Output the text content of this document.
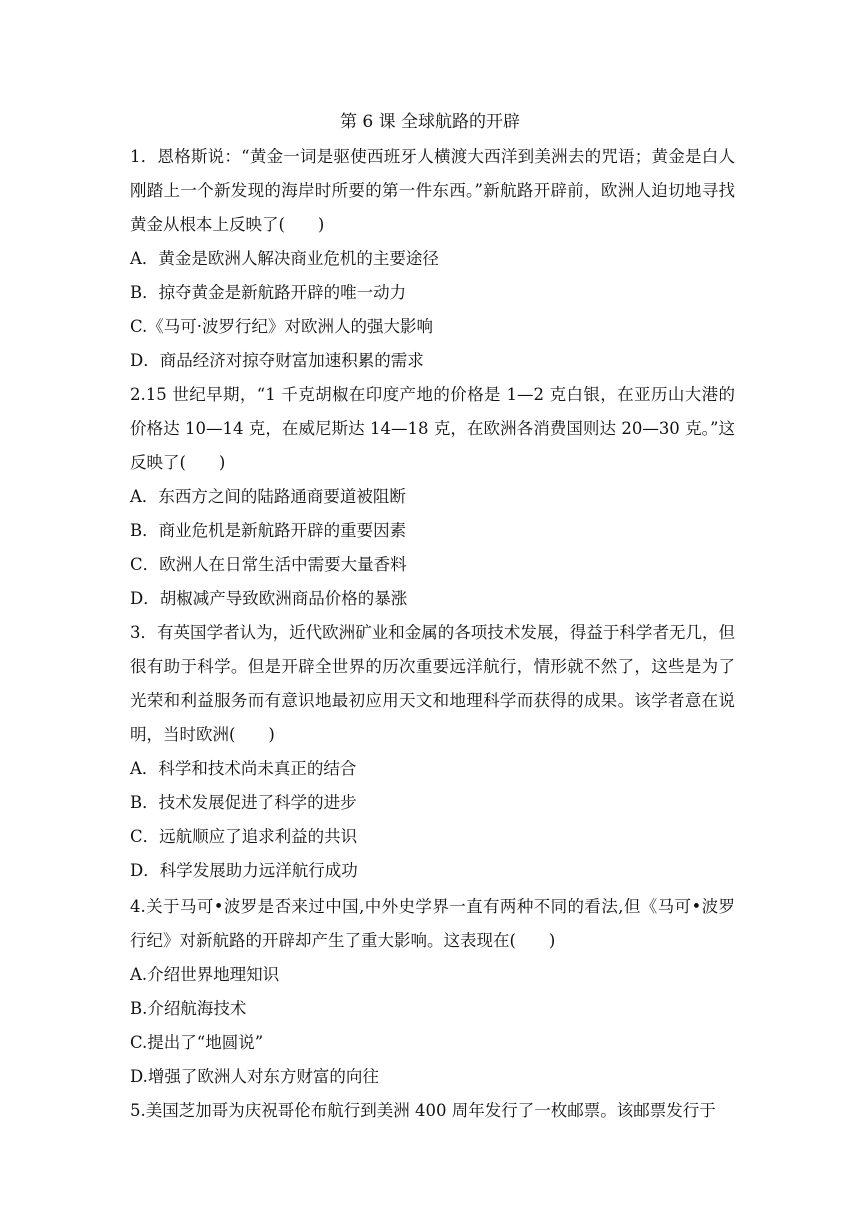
第 6 课 全球航路的开辟

1．恩格斯说：“黄金一词是驱使西班牙人横渡大西洋到美洲去的咒语；黄金是白人刚踏上一个新发现的海岸时所要的第一件东西。”新航路开辟前，欧洲人迫切地寻找黄金从根本上反映了(　　)

A．黄金是欧洲人解决商业危机的主要途径

B．掠夺黄金是新航路开辟的唯一动力

C.《马可·波罗行纪》对欧洲人的强大影响

D．商品经济对掠夺财富加速积累的需求

2.15 世纪早期，“1 千克胡椒在印度产地的价格是 1—2 克白银，在亚历山大港的价格达 10—14 克，在威尼斯达 14—18 克，在欧洲各消费国则达 20—30 克。”这反映了(　　)

A．东西方之间的陆路通商要道被阻断

B．商业危机是新航路开辟的重要因素

C．欧洲人在日常生活中需要大量香料

D．胡椒减产导致欧洲商品价格的暴涨

3．有英国学者认为，近代欧洲矿业和金属的各项技术发展，得益于科学者无几，但很有助于科学。但是开辟全世界的历次重要远洋航行，情形就不然了，这些是为了光荣和利益服务而有意识地最初应用天文和地理科学而获得的成果。该学者意在说明，当时欧洲(　　)

A．科学和技术尚未真正的结合

B．技术发展促进了科学的进步

C．远航顺应了追求利益的共识

D．科学发展助力远洋航行成功

4.关于马可•波罗是否来过中国,中外史学界一直有两种不同的看法,但《马可•波罗行纪》对新航路的开辟却产生了重大影响。这表现在(　　)

A.介绍世界地理知识

B.介绍航海技术

C.提出了“地圆说”

D.增强了欧洲人对东方财富的向往

5.美国芝加哥为庆祝哥伦布航行到美洲 400 周年发行了一枚邮票。该邮票发行于
